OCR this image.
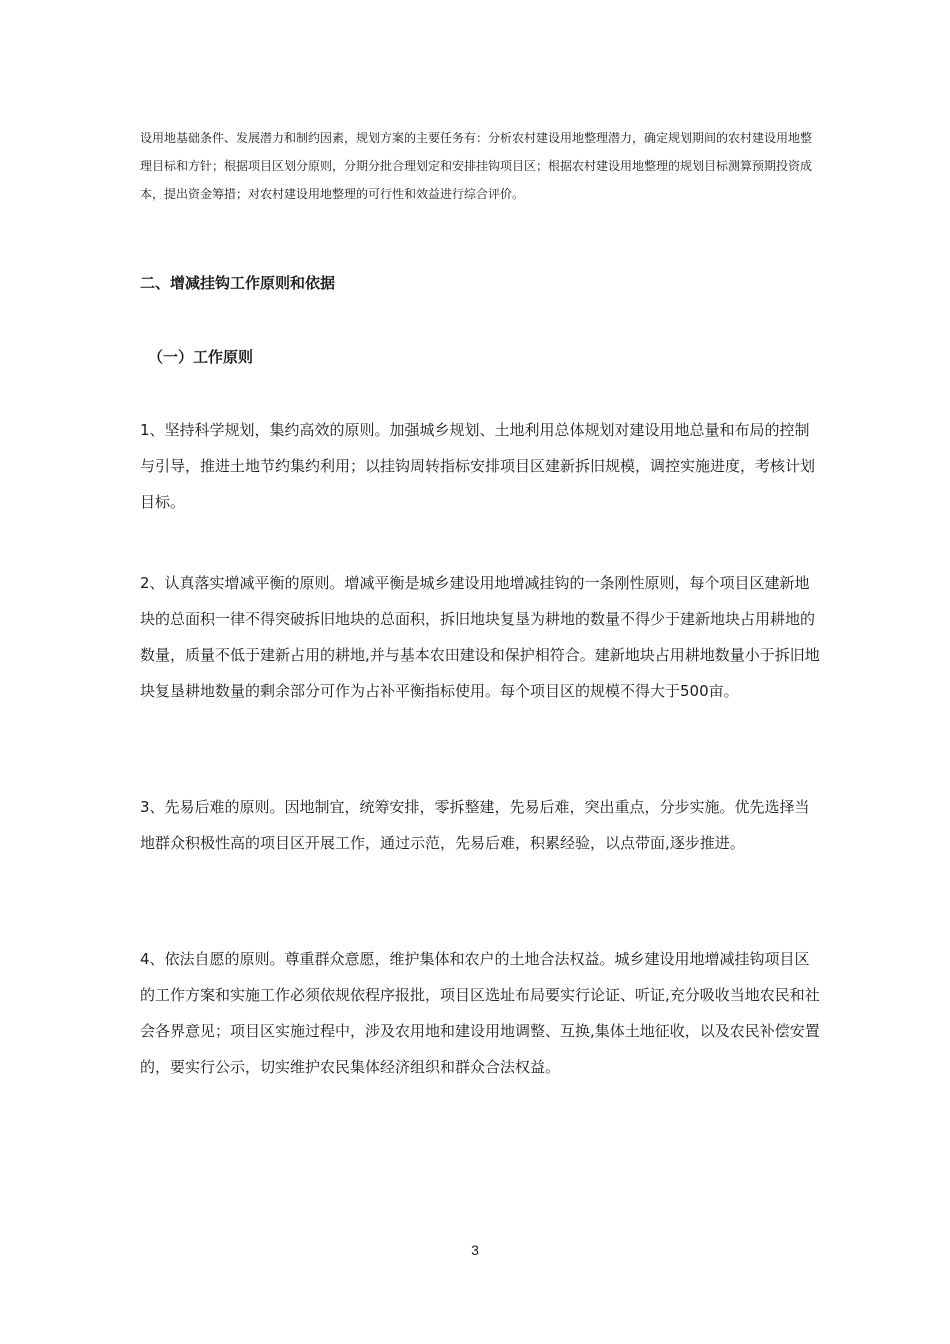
设用地基础条件、发展潜力和制约因素，规划方案的主要任务有：分析农村建设用地整理潜力，确定规划期间的农村建设用地整理目标和方针；根据项目区划分原则，分期分批合理划定和安排挂钩项目区；根据农村建设用地整理的规划目标测算预期投资成本，提出资金筹措；对农村建设用地整理的可行性和效益进行综合评价。

二、增减挂钩工作原则和依据
（一）工作原则

1、坚持科学规划，集约高效的原则。加强城乡规划、土地利用总体规划对建设用地总量和布局的控制与引导，推进土地节约集约利用；以挂钩周转指标安排项目区建新拆旧规模，调控实施进度，考核计划目标。

2、认真落实增减平衡的原则。增减平衡是城乡建设用地增减挂钩的一条刚性原则，每个项目区建新地块的总面积一律不得突破拆旧地块的总面积，拆旧地块复垦为耕地的数量不得少于建新地块占用耕地的数量，质量不低于建新占用的耕地,并与基本农田建设和保护相符合。建新地块占用耕地数量小于拆旧地块复垦耕地数量的剩余部分可作为占补平衡指标使用。每个项目区的规模不得大于500亩。

3、先易后难的原则。因地制宜，统筹安排，零拆整建，先易后难，突出重点，分步实施。优先选择当地群众积极性高的项目区开展工作，通过示范，先易后难，积累经验，以点带面,逐步推进。

4、依法自愿的原则。尊重群众意愿，维护集体和农户的土地合法权益。城乡建设用地增减挂钩项目区的工作方案和实施工作必须依规依程序报批，项目区选址布局要实行论证、听证,充分吸收当地农民和社会各界意见；项目区实施过程中，涉及农用地和建设用地调整、互换,集体土地征收，以及农民补偿安置的，要实行公示，切实维护农民集体经济组织和群众合法权益。

3
